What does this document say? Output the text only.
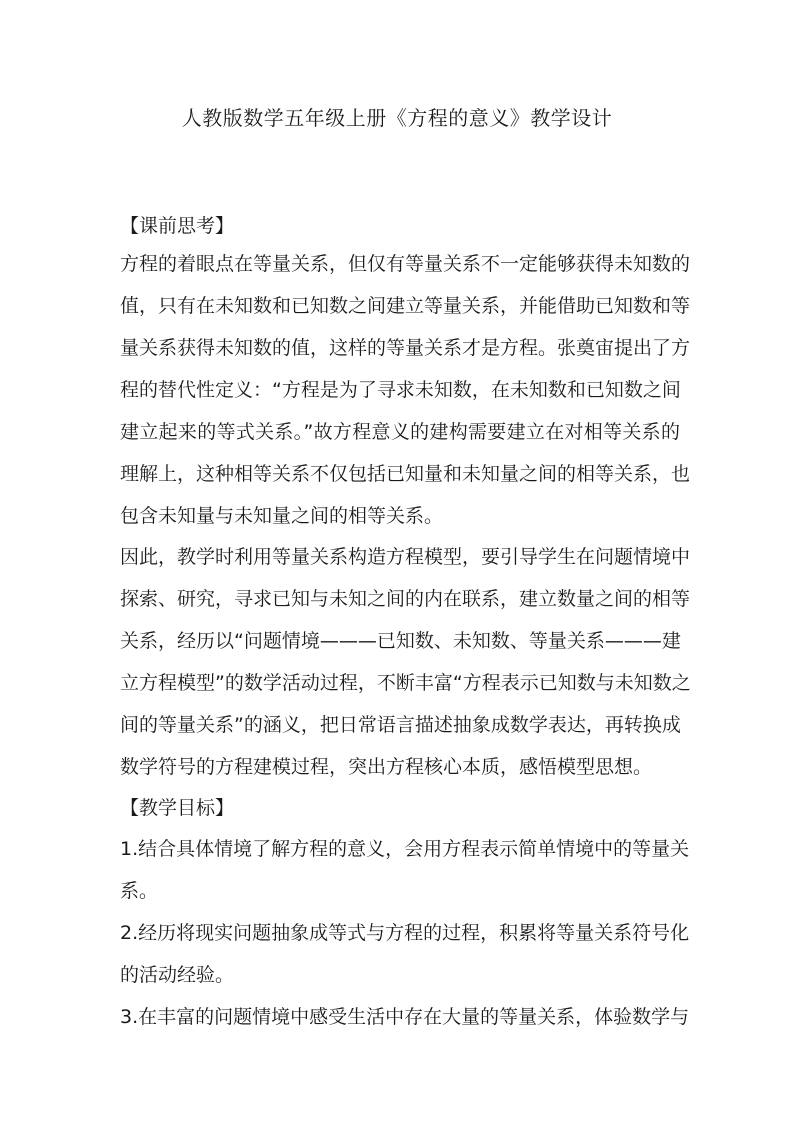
人教版数学五年级上册《方程的意义》教学设计

【课前思考】

方程的着眼点在等量关系，但仅有等量关系不一定能够获得未知数的

值，只有在未知数和已知数之间建立等量关系，并能借助已知数和等

量关系获得未知数的值，这样的等量关系才是方程。张奠宙提出了方

程的替代性定义：“方程是为了寻求未知数，在未知数和已知数之间

建立起来的等式关系。”故方程意义的建构需要建立在对相等关系的

理解上，这种相等关系不仅包括已知量和未知量之间的相等关系，也

包含未知量与未知量之间的相等关系。

因此，教学时利用等量关系构造方程模型，要引导学生在问题情境中

探索、研究，寻求已知与未知之间的内在联系，建立数量之间的相等

关系，经历以“问题情境———已知数、未知数、等量关系———建

立方程模型”的数学活动过程，不断丰富“方程表示已知数与未知数之

间的等量关系”的涵义，把日常语言描述抽象成数学表达，再转换成

数学符号的方程建模过程，突出方程核心本质，感悟模型思想。

【教学目标】

1.结合具体情境了解方程的意义，会用方程表示简单情境中的等量关

系。

2.经历将现实问题抽象成等式与方程的过程，积累将等量关系符号化

的活动经验。

3.在丰富的问题情境中感受生活中存在大量的等量关系，体验数学与
